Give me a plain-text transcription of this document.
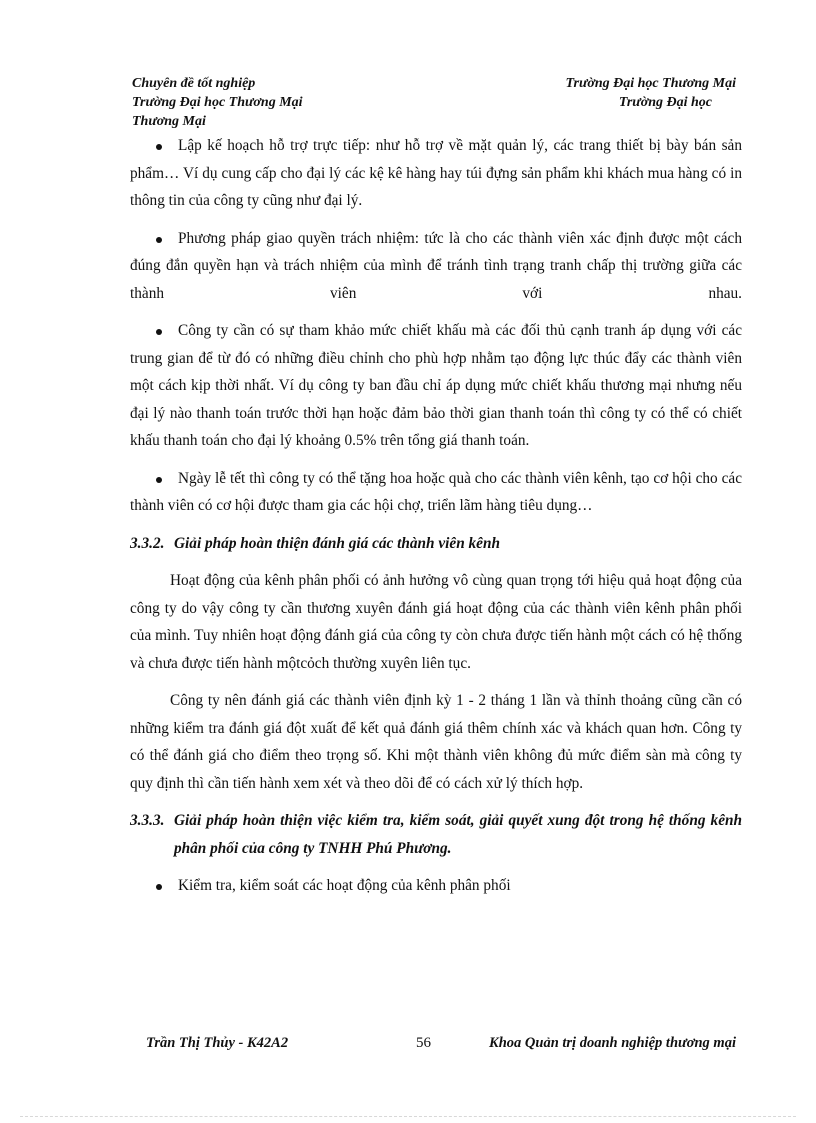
Chuyên đề tốt nghiệp
Trường Đại học Thương Mại
Thương Mại
Trường Đại học Thương Mại
Trường Đại học

Lập kế hoạch hỗ trợ trực tiếp: như hỗ trợ về mặt quản lý, các trang thiết bị bày bán sản phẩm… Ví dụ cung cấp cho đại lý các kệ kê hàng hay túi đựng sản phẩm khi khách mua hàng có in thông tin của công ty cũng như đại lý.

Phương pháp giao quyền trách nhiệm: tức là cho các thành viên xác định được một cách đúng đắn quyền hạn và trách nhiệm của mình để tránh tình trạng tranh chấp thị trường giữa các thành viên với nhau.

Công ty cần có sự tham khảo mức chiết khấu mà các đối thủ cạnh tranh áp dụng với các trung gian để từ đó có những điều chỉnh cho phù hợp nhằm tạo động lực thúc đẩy các thành viên một cách kịp thời nhất. Ví dụ công ty ban đầu chỉ áp dụng mức chiết khấu thương mại nhưng nếu đại lý nào thanh toán trước thời hạn hoặc đảm bảo thời gian thanh toán thì công ty có thể có chiết khấu thanh toán cho đại lý khoảng 0.5% trên tổng giá thanh toán.

Ngày lễ tết thì công ty có thể tặng hoa hoặc quà cho các thành viên kênh, tạo cơ hội cho các thành viên có cơ hội được tham gia các hội chợ, triển lãm hàng tiêu dụng…

3.3.2. Giải pháp hoàn thiện đánh giá các thành viên kênh

Hoạt động của kênh phân phối có ảnh hưởng vô cùng quan trọng tới hiệu quả hoạt động của công ty do vậy công ty cần thương xuyên đánh giá hoạt động của các thành viên kênh phân phối của mình. Tuy nhiên hoạt động đánh giá của công ty còn chưa được tiến hành một cách có hệ thống và chưa được tiến hành mộtcỏch thường xuyên liên tục.

Công ty nên đánh giá các thành viên định kỳ 1 - 2 tháng 1 lần và thỉnh thoảng cũng cần có những kiểm tra đánh giá đột xuất để kết quả đánh giá thêm chính xác và khách quan hơn. Công ty có thể đánh giá cho điểm theo trọng số. Khi một thành viên không đủ mức điểm sàn mà công ty quy định thì cần tiến hành xem xét và theo dõi để có cách xử lý thích hợp.

3.3.3. Giải pháp hoàn thiện việc kiểm tra, kiểm soát, giải quyết xung đột trong hệ thống kênh phân phối của công ty TNHH Phú Phương.

Kiểm tra, kiểm soát các hoạt động của kênh phân phối

Trần Thị Thủy - K42A2	56	Khoa Quản trị doanh nghiệp thương mại
